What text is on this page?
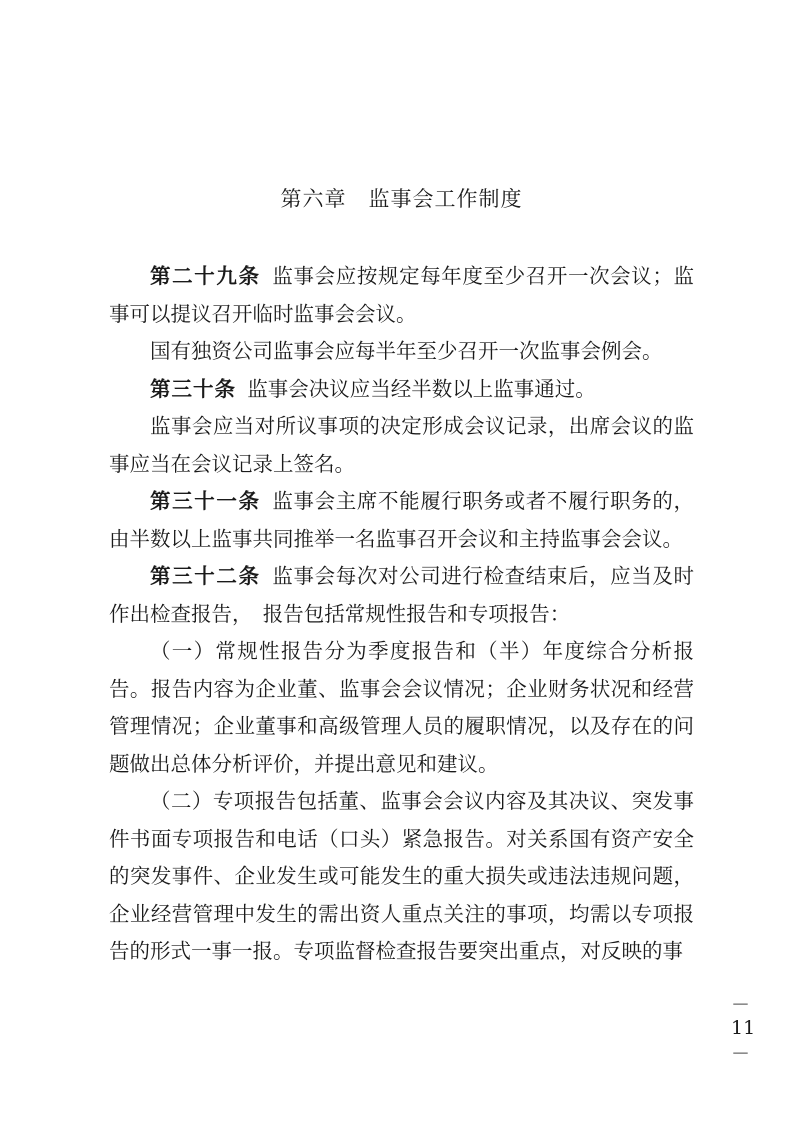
第六章　监事会工作制度

第二十九条 监事会应按规定每年度至少召开一次会议；监事可以提议召开临时监事会会议。

国有独资公司监事会应每半年至少召开一次监事会例会。

第三十条 监事会决议应当经半数以上监事通过。

监事会应当对所议事项的决定形成会议记录，出席会议的监事应当在会议记录上签名。

第三十一条 监事会主席不能履行职务或者不履行职务的，由半数以上监事共同推举一名监事召开会议和主持监事会会议。

第三十二条 监事会每次对公司进行检查结束后，应当及时作出检查报告，　报告包括常规性报告和专项报告：

（一）常规性报告分为季度报告和（半）年度综合分析报告。报告内容为企业董、监事会会议情况；企业财务状况和经营管理情况；企业董事和高级管理人员的履职情况，以及存在的问题做出总体分析评价，并提出意见和建议。

（二）专项报告包括董、监事会会议内容及其决议、突发事件书面专项报告和电话（口头）紧急报告。对关系国有资产安全的突发事件、企业发生或可能发生的重大损失或违法违规问题，企业经营管理中发生的需出资人重点关注的事项，均需以专项报告的形式一事一报。专项监督检查报告要突出重点，对反映的事

－11－
